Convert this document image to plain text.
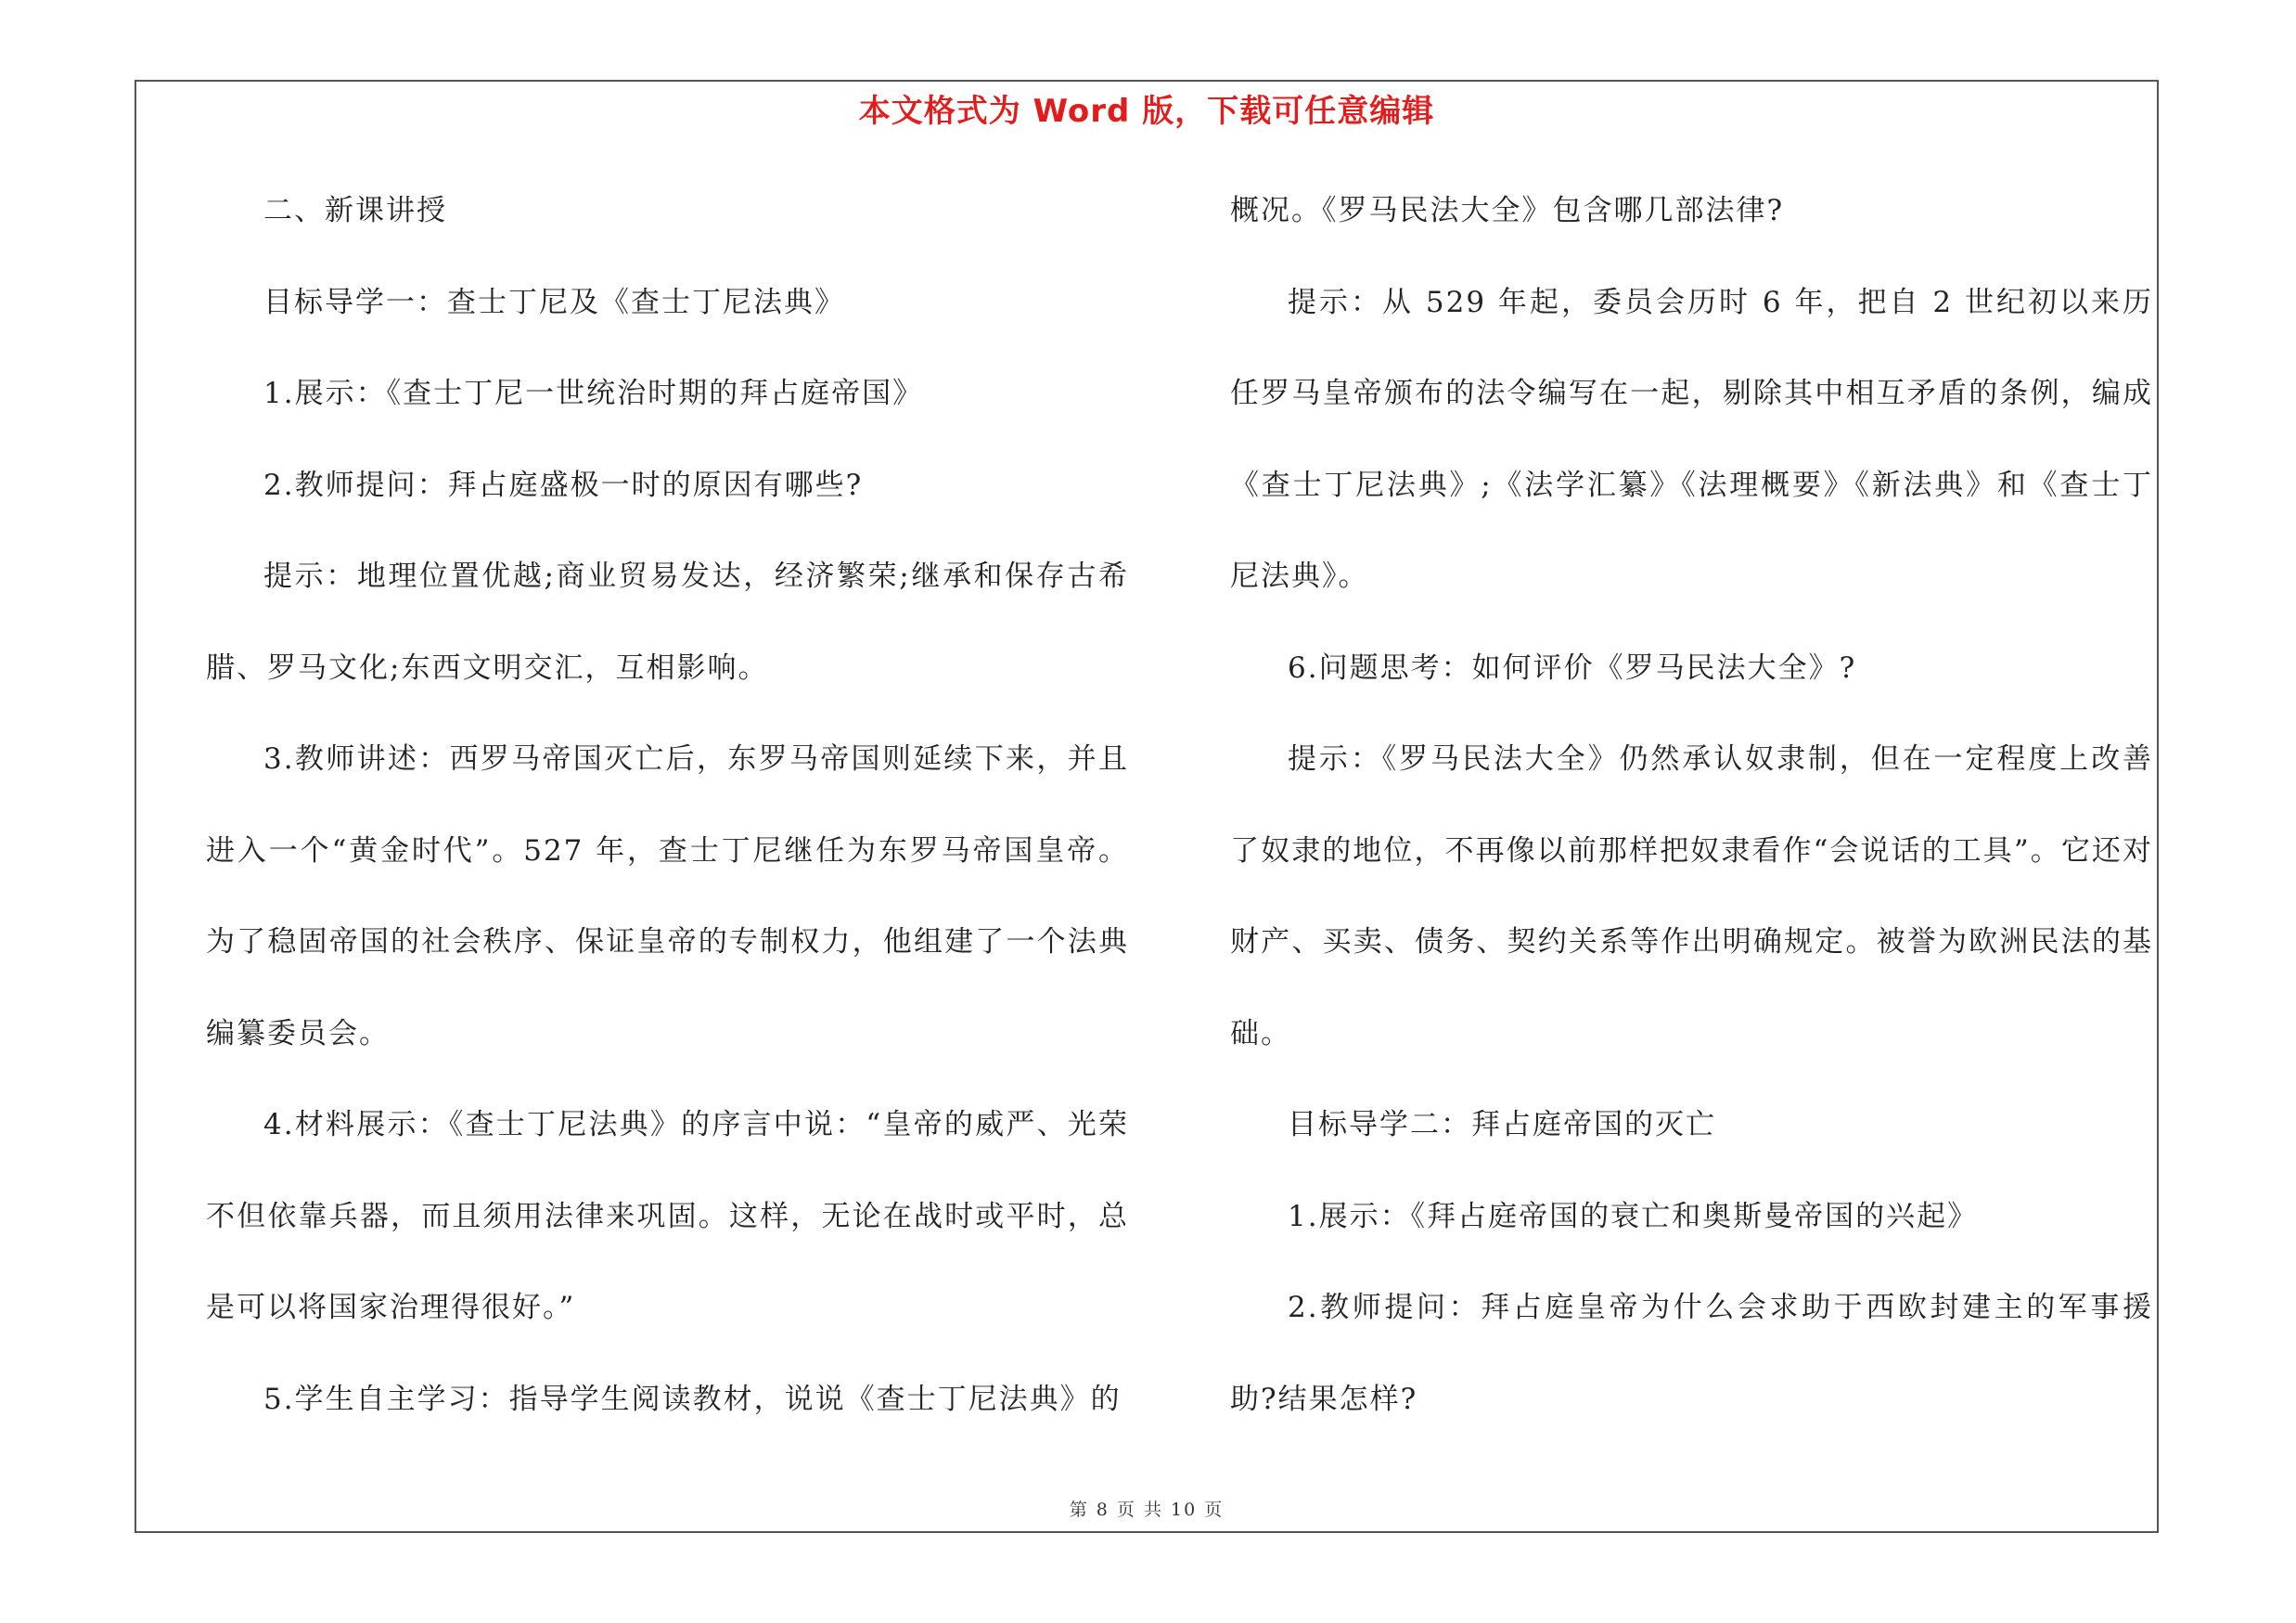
本文格式为 Word 版，下载可任意编辑

二、新课讲授

目标导学一：查士丁尼及《查士丁尼法典》

1.展示：《查士丁尼一世统治时期的拜占庭帝国》

2.教师提问：拜占庭盛极一时的原因有哪些?

提示：地理位置优越;商业贸易发达，经济繁荣;继承和保存古希腊、罗马文化;东西文明交汇，互相影响。

3.教师讲述：西罗马帝国灭亡后，东罗马帝国则延续下来，并且进入一个“黄金时代”。527 年，查士丁尼继任为东罗马帝国皇帝。为了稳固帝国的社会秩序、保证皇帝的专制权力，他组建了一个法典编纂委员会。

4.材料展示：《查士丁尼法典》的序言中说：“皇帝的威严、光荣不但依靠兵器，而且须用法律来巩固。这样，无论在战时或平时，总是可以将国家治理得很好。”

5.学生自主学习：指导学生阅读教材，说说《查士丁尼法典》的

概况。《罗马民法大全》包含哪几部法律?

提示：从 529 年起，委员会历时 6 年，把自 2 世纪初以来历任罗马皇帝颁布的法令编写在一起，剔除其中相互矛盾的条例，编成《查士丁尼法典》;《法学汇纂》《法理概要》《新法典》和《查士丁尼法典》。

6.问题思考：如何评价《罗马民法大全》?

提示：《罗马民法大全》仍然承认奴隶制，但在一定程度上改善了奴隶的地位，不再像以前那样把奴隶看作“会说话的工具”。它还对财产、买卖、债务、契约关系等作出明确规定。被誉为欧洲民法的基础。

目标导学二：拜占庭帝国的灭亡

1.展示：《拜占庭帝国的衰亡和奥斯曼帝国的兴起》

2.教师提问：拜占庭皇帝为什么会求助于西欧封建主的军事援助?结果怎样?

第 8 页 共 10 页
